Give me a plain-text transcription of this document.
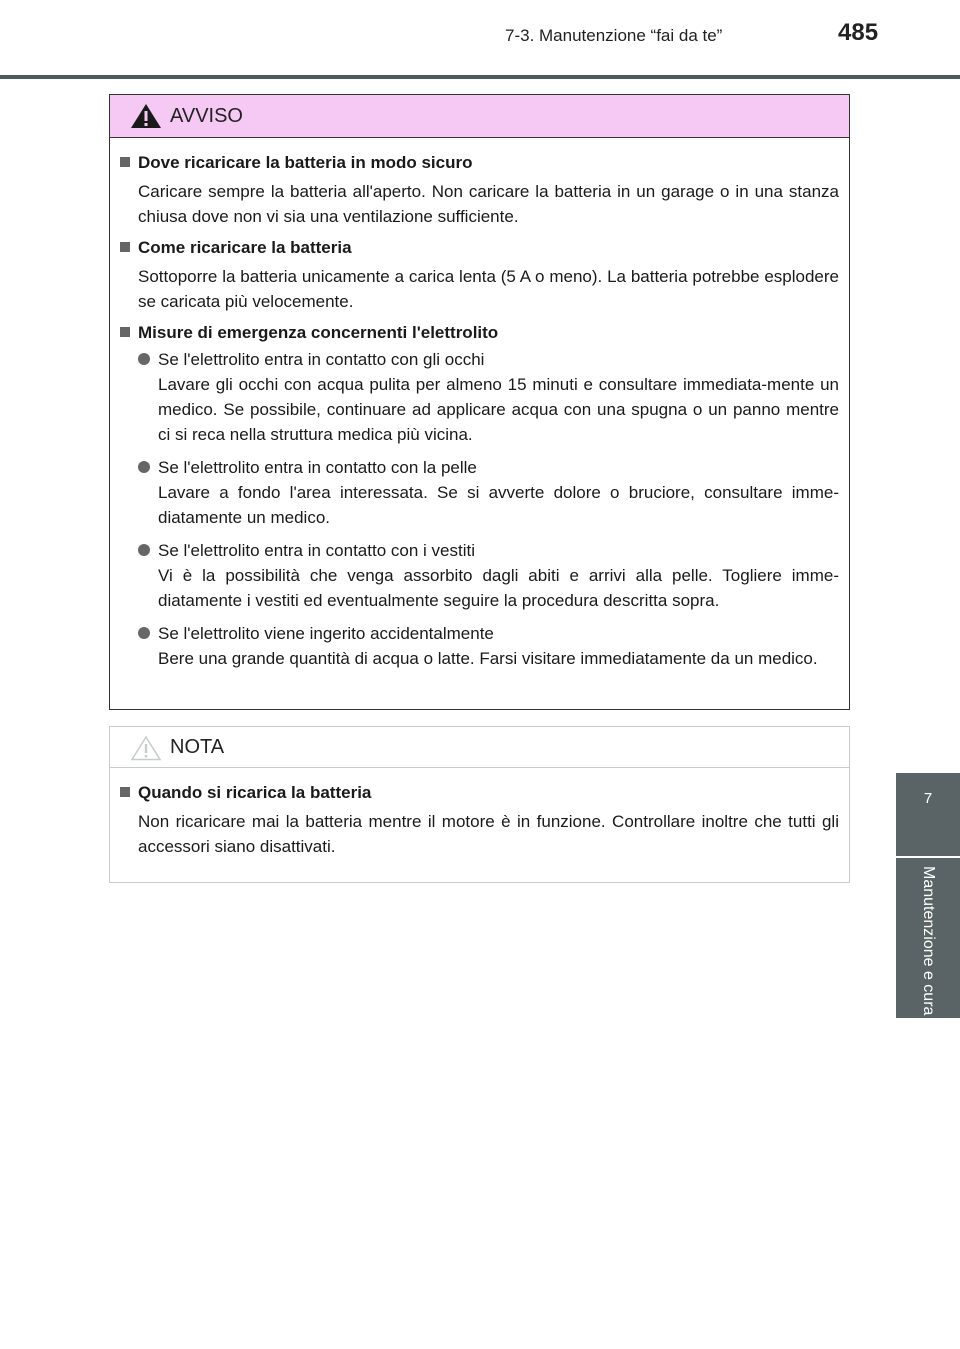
7-3. Manutenzione “fai da te”	485
7
Manutenzione e cura
AVVISO
Dove ricaricare la batteria in modo sicuro
Caricare sempre la batteria all'aperto. Non caricare la batteria in un garage o in una stanza chiusa dove non vi sia una ventilazione sufficiente.
Come ricaricare la batteria
Sottoporre la batteria unicamente a carica lenta (5 A o meno). La batteria potrebbe esplodere se caricata più velocemente.
Misure di emergenza concernenti l'elettrolito
Se l'elettrolito entra in contatto con gli occhi
Lavare gli occhi con acqua pulita per almeno 15 minuti e consultare immediata-mente un medico. Se possibile, continuare ad applicare acqua con una spugna o un panno mentre ci si reca nella struttura medica più vicina.
Se l'elettrolito entra in contatto con la pelle
Lavare a fondo l'area interessata. Se si avverte dolore o bruciore, consultare imme-diatamente un medico.
Se l'elettrolito entra in contatto con i vestiti
Vi è la possibilità che venga assorbito dagli abiti e arrivi alla pelle. Togliere imme-diatamente i vestiti ed eventualmente seguire la procedura descritta sopra.
Se l'elettrolito viene ingerito accidentalmente
Bere una grande quantità di acqua o latte. Farsi visitare immediatamente da un medico.
NOTA
Quando si ricarica la batteria
Non ricaricare mai la batteria mentre il motore è in funzione. Controllare inoltre che tutti gli accessori siano disattivati.
